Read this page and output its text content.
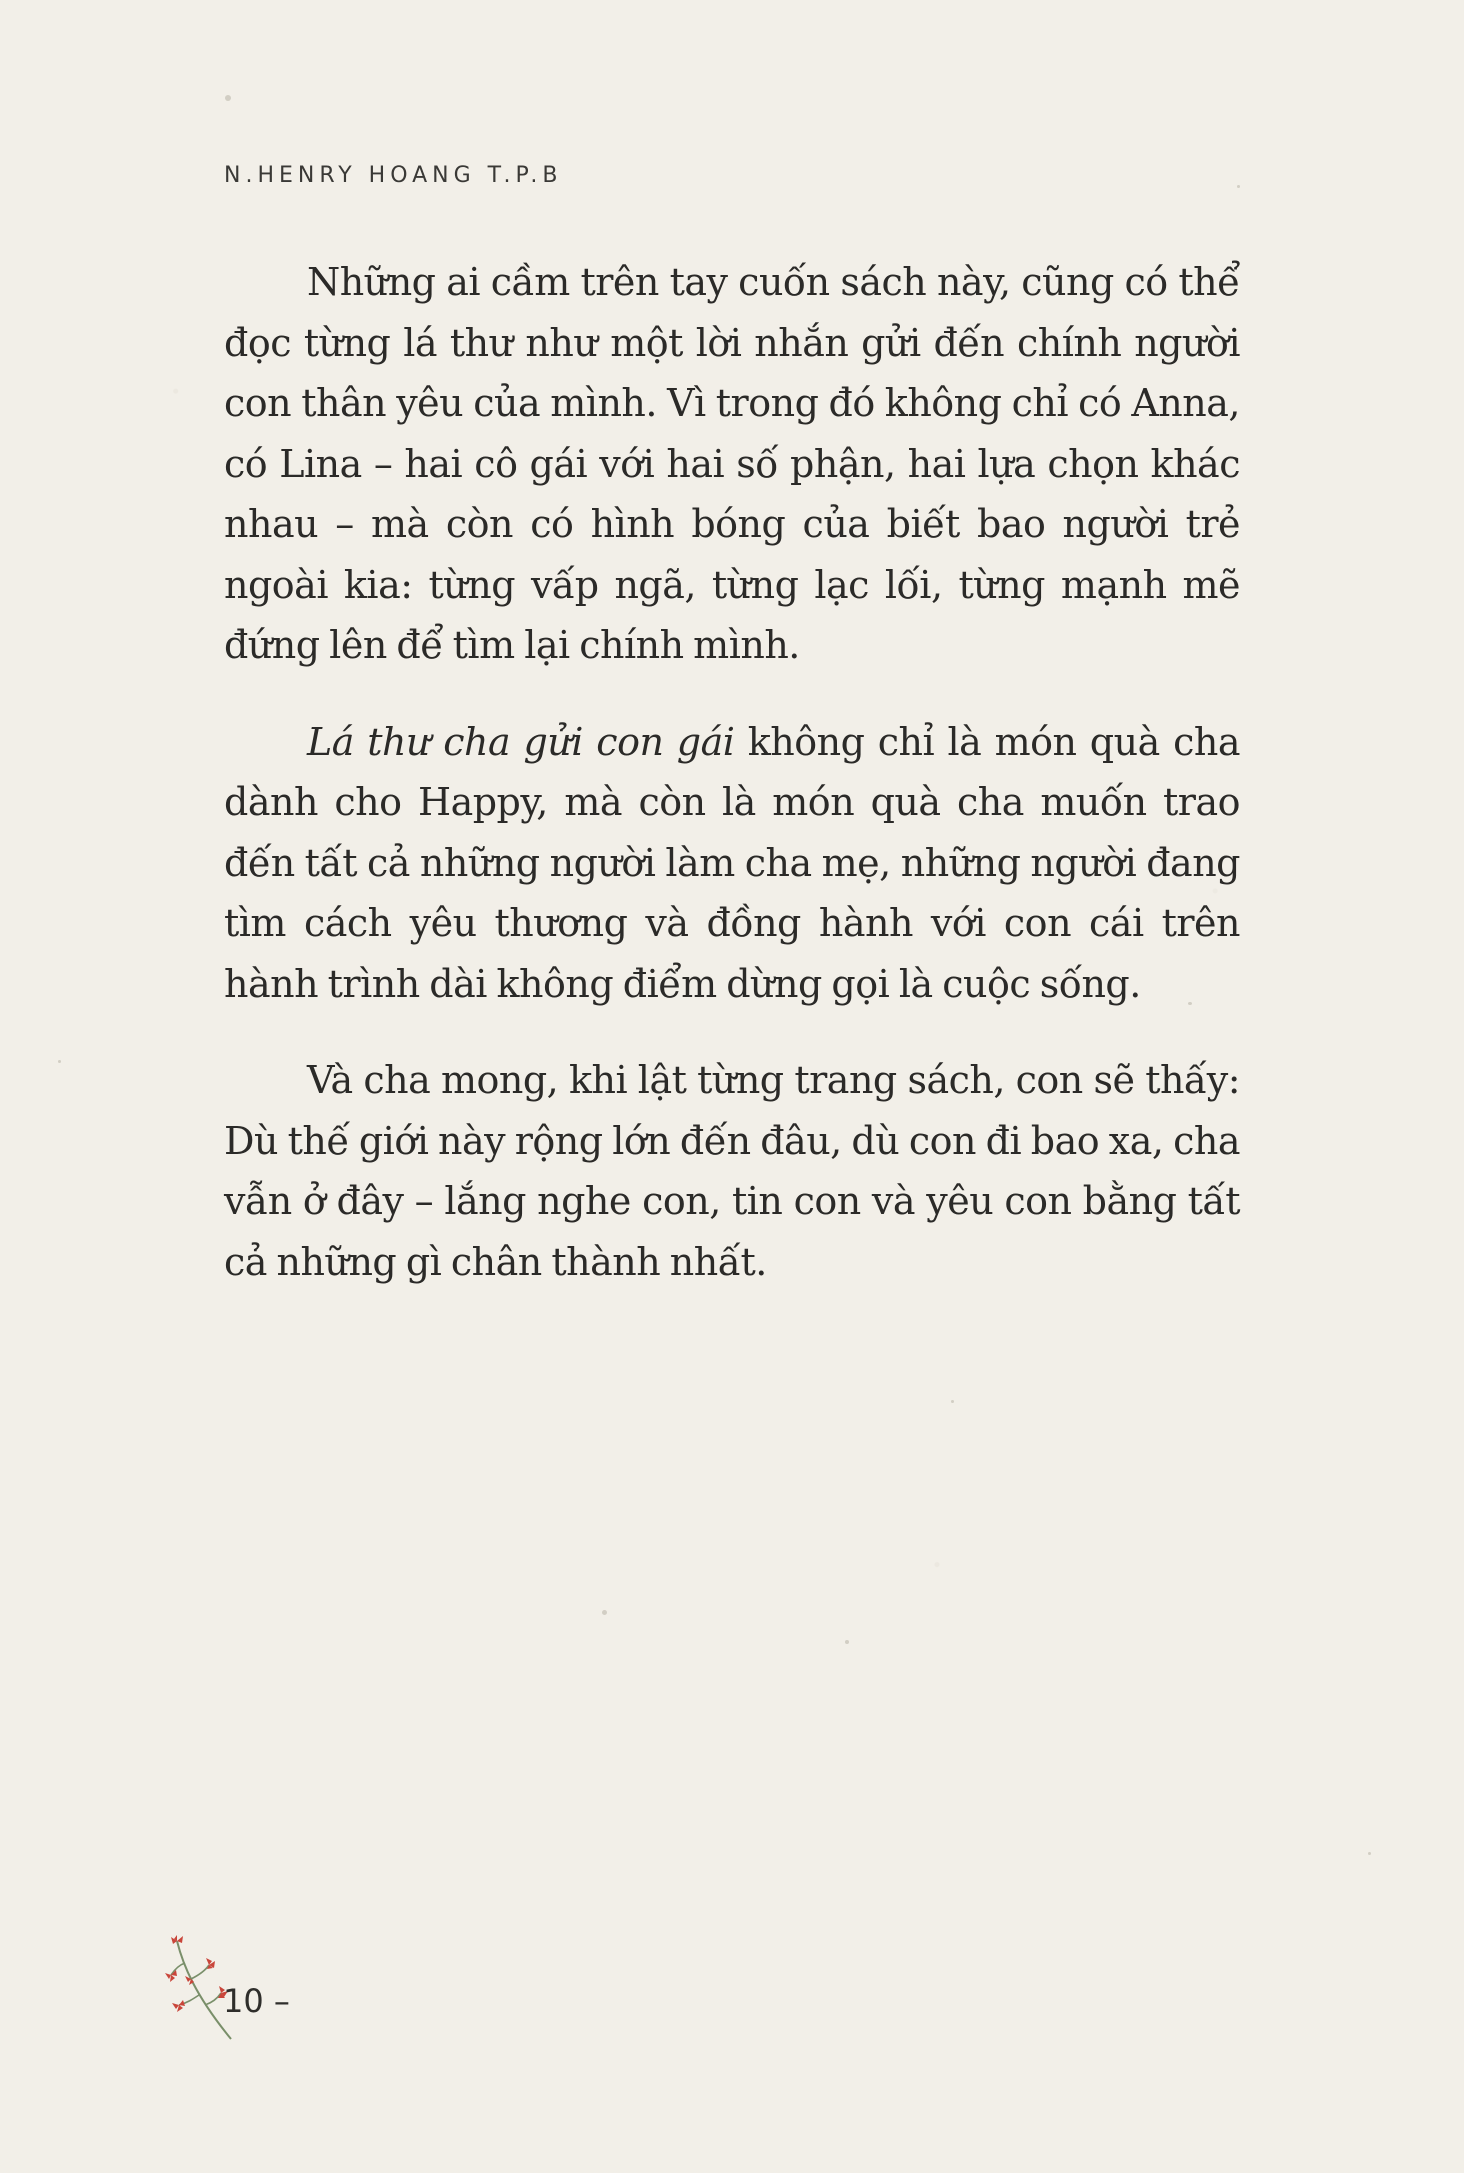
N.HENRY HOANG T.P.B

Những ai cầm trên tay cuốn sách này, cũng có thể đọc từng lá thư như một lời nhắn gửi đến chính người con thân yêu của mình. Vì trong đó không chỉ có Anna, có Lina – hai cô gái với hai số phận, hai lựa chọn khác nhau – mà còn có hình bóng của biết bao người trẻ ngoài kia: từng vấp ngã, từng lạc lối, từng mạnh mẽ đứng lên để tìm lại chính mình.

Lá thư cha gửi con gái không chỉ là món quà cha dành cho Happy, mà còn là món quà cha muốn trao đến tất cả những người làm cha mẹ, những người đang tìm cách yêu thương và đồng hành với con cái trên hành trình dài không điểm dừng gọi là cuộc sống.

Và cha mong, khi lật từng trang sách, con sẽ thấy: Dù thế giới này rộng lớn đến đâu, dù con đi bao xa, cha vẫn ở đây – lắng nghe con, tin con và yêu con bằng tất cả những gì chân thành nhất.

10 –
